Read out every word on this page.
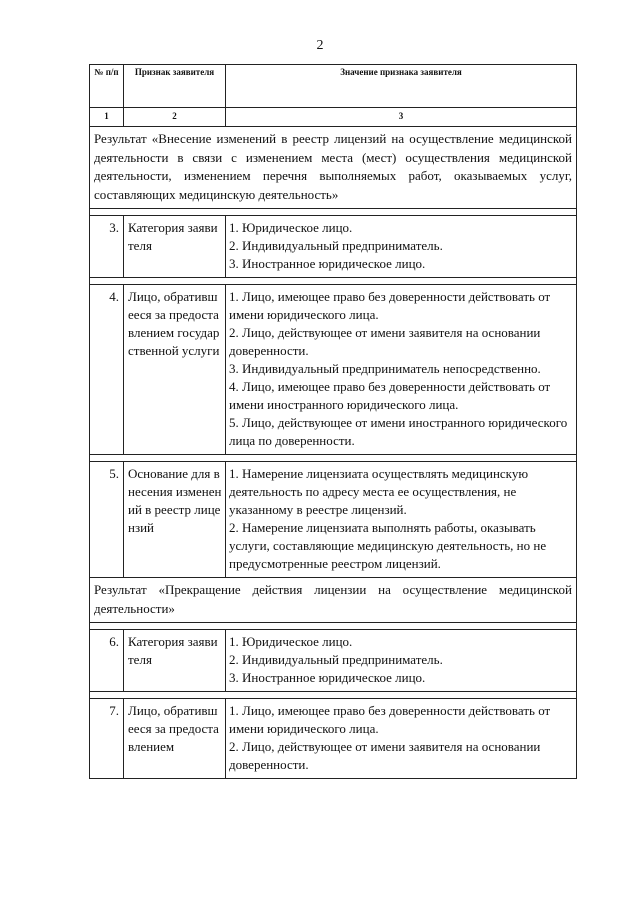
2
№ п/п	Признак заявителя	Значение признака заявителя
1	2	3
Результат «Внесение изменений в реестр лицензий на осуществление медицинской деятельности в связи с изменением места (мест) осуществления медицинской деятельности, изменением перечня выполняемых работ, оказываемых услуг, составляющих медицинскую деятельность»		

3.	Категория заявителя	1. Юридическое лицо.
2. Индивидуальный предприниматель.
3. Иностранное юридическое лицо.

4.	Лицо, обратившееся за предоставлением государственной услуги	1. Лицо, имеющее право без доверенности действовать от имени юридического лица.
2. Лицо, действующее от имени заявителя на основании доверенности.
3. Индивидуальный предприниматель непосредственно.
4. Лицо, имеющее право без доверенности действовать от имени иностранного юридического лица.
5. Лицо, действующее от имени иностранного юридического лица по доверенности.

5.	Основание для внесения изменений в реестр лицензий	1. Намерение лицензиата осуществлять медицинскую деятельность по адресу места ее осуществления, не указанному в реестре лицензий.
2. Намерение лицензиата выполнять работы, оказывать услуги, составляющие медицинскую деятельность, но не предусмотренные реестром лицензий.

Результат «Прекращение действия лицензии на осуществление медицинской деятельности»		

6.	Категория заявителя	1. Юридическое лицо.
2. Индивидуальный предприниматель.
3. Иностранное юридическое лицо.

7.	Лицо, обратившееся за предоставлением	1. Лицо, имеющее право без доверенности действовать от имени юридического лица.
2. Лицо, действующее от имени заявителя на основании доверенности.
